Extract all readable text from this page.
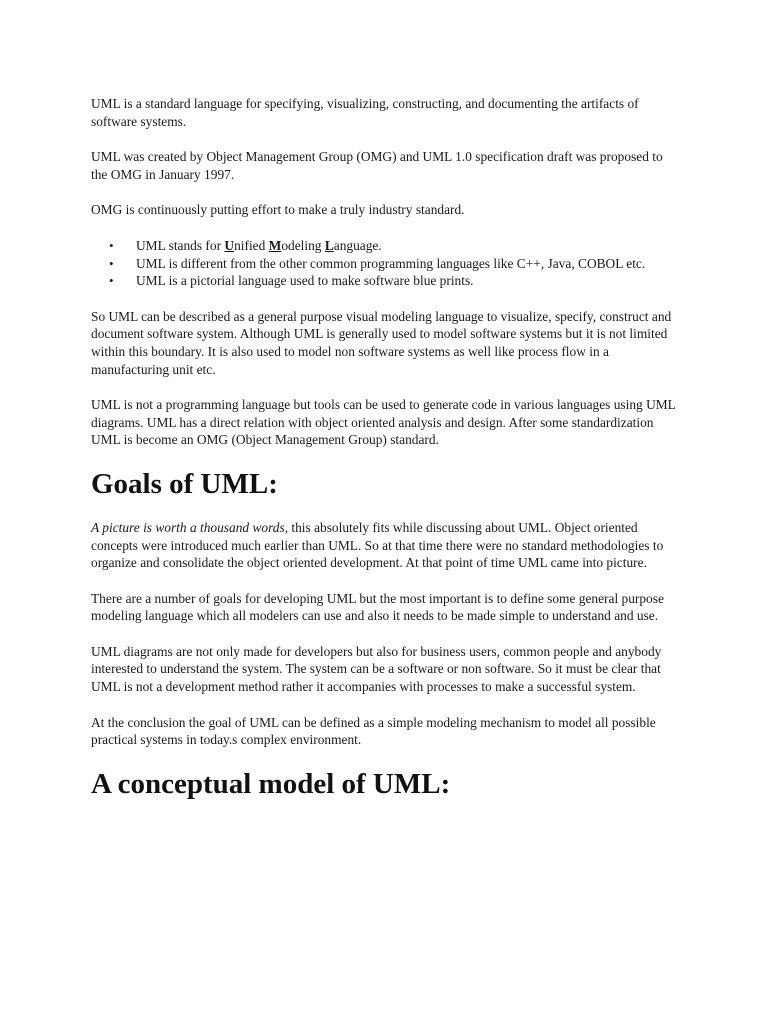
UML is a standard language for specifying, visualizing, constructing, and documenting the artifacts of software systems.

UML was created by Object Management Group (OMG) and UML 1.0 specification draft was proposed to the OMG in January 1997.

OMG is continuously putting effort to make a truly industry standard.

• UML stands for Unified Modeling Language.
• UML is different from the other common programming languages like C++, Java, COBOL etc.
• UML is a pictorial language used to make software blue prints.

So UML can be described as a general purpose visual modeling language to visualize, specify, construct and document software system. Although UML is generally used to model software systems but it is not limited within this boundary. It is also used to model non software systems as well like process flow in a manufacturing unit etc.

UML is not a programming language but tools can be used to generate code in various languages using UML diagrams. UML has a direct relation with object oriented analysis and design. After some standardization UML is become an OMG (Object Management Group) standard.

Goals of UML:

A picture is worth a thousand words, this absolutely fits while discussing about UML. Object oriented concepts were introduced much earlier than UML. So at that time there were no standard methodologies to organize and consolidate the object oriented development. At that point of time UML came into picture.

There are a number of goals for developing UML but the most important is to define some general purpose modeling language which all modelers can use and also it needs to be made simple to understand and use.

UML diagrams are not only made for developers but also for business users, common people and anybody interested to understand the system. The system can be a software or non software. So it must be clear that UML is not a development method rather it accompanies with processes to make a successful system.

At the conclusion the goal of UML can be defined as a simple modeling mechanism to model all possible practical systems in today.s complex environment.

A conceptual model of UML:
